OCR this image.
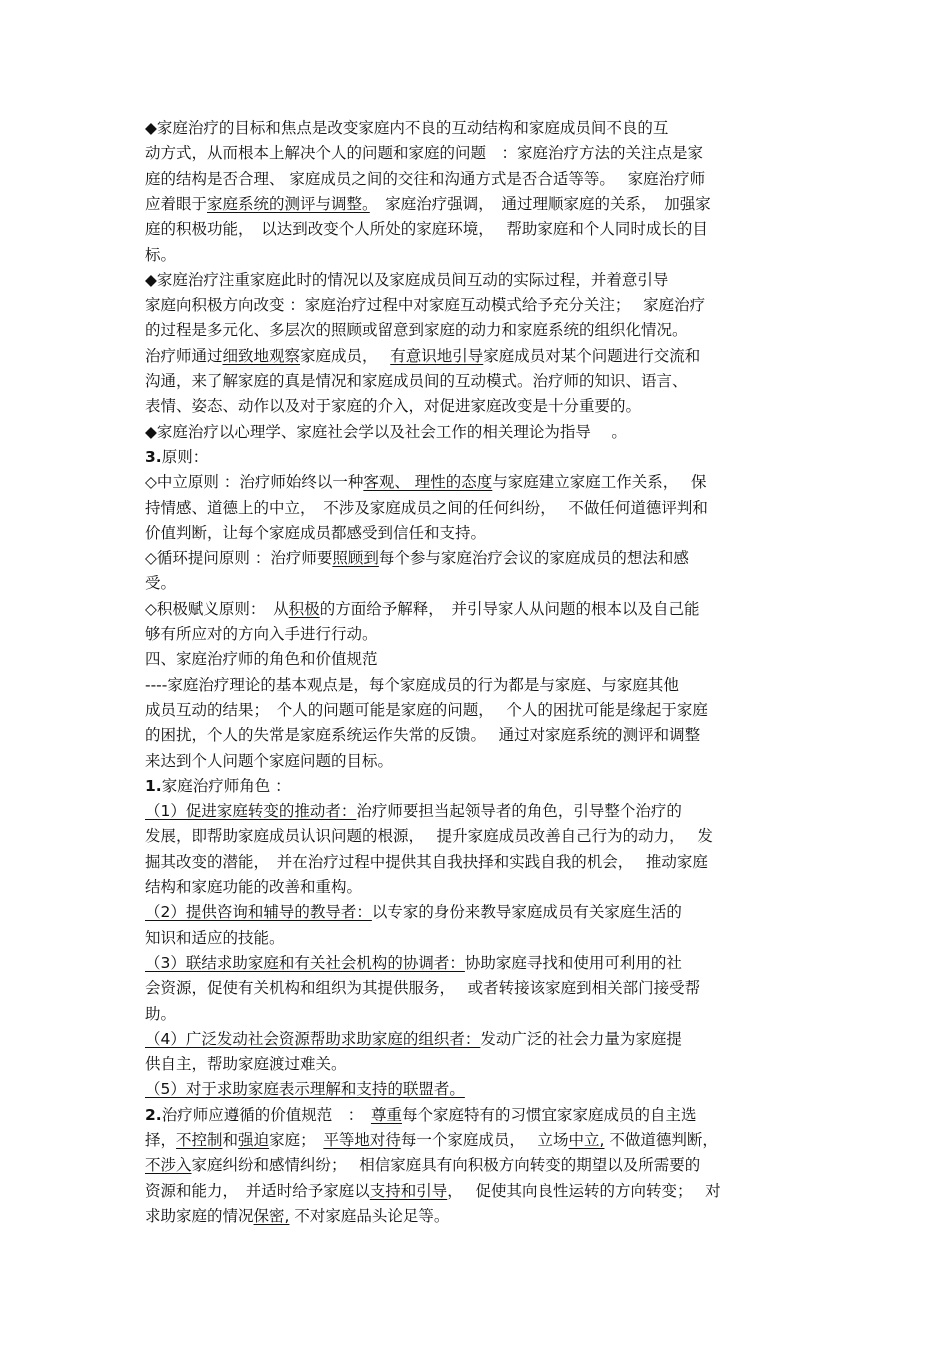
◆家庭治疗的目标和焦点是改变家庭内不良的互动结构和家庭成员间不良的互
动方式，从而根本上解决个人的问题和家庭的问题　：家庭治疗方法的关注点是家
庭的结构是否合理、 家庭成员之间的交往和沟通方式是否合适等等。　 家庭治疗师
应着眼于家庭系统的测评与调整。　家庭治疗强调，　通过理顺家庭的关系，　加强家
庭的积极功能，　以达到改变个人所处的家庭环境，　 帮助家庭和个人同时成长的目
标。
◆家庭治疗注重家庭此时的情况以及家庭成员间互动的实际过程，并着意引导
家庭向积极方向改变 ：家庭治疗过程中对家庭互动模式给予充分关注；　 家庭治疗
的过程是多元化、多层次的照顾或留意到家庭的动力和家庭系统的组织化情况。
治疗师通过细致地观察家庭成员，　 有意识地引导家庭成员对某个问题进行交流和
沟通，来了解家庭的真是情况和家庭成员间的互动模式。治疗师的知识、语言、
表情、姿态、动作以及对于家庭的介入，对促进家庭改变是十分重要的。
◆家庭治疗以心理学、家庭社会学以及社会工作的相关理论为指导　 。
3.原则：
◇中立原则 ：治疗师始终以一种客观、 理性的态度与家庭建立家庭工作关系，　 保
持情感、道德上的中立，　不涉及家庭成员之间的任何纠纷，　 不做任何道德评判和
价值判断，让每个家庭成员都感受到信任和支持。
◇循环提问原则 ：治疗师要照顾到每个参与家庭治疗会议的家庭成员的想法和感
受。
◇积极赋义原则：　从积极的方面给予解释，　并引导家人从问题的根本以及自己能
够有所应对的方向入手进行行动。
四、家庭治疗师的角色和价值规范
----家庭治疗理论的基本观点是，每个家庭成员的行为都是与家庭、与家庭其他
成员互动的结果；　个人的问题可能是家庭的问题，　 个人的困扰可能是缘起于家庭
的困扰，个人的失常是家庭系统运作失常的反馈。　 通过对家庭系统的测评和调整
来达到个人问题个家庭问题的目标。
1.家庭治疗师角色 ：
（1）促进家庭转变的推动者：治疗师要担当起领导者的角色，引导整个治疗的
发展，即帮助家庭成员认识问题的根源，　 提升家庭成员改善自己行为的动力，　 发
掘其改变的潜能，　并在治疗过程中提供其自我抉择和实践自我的机会，　 推动家庭
结构和家庭功能的改善和重构。
（2）提供咨询和辅导的教导者：以专家的身份来教导家庭成员有关家庭生活的
知识和适应的技能。
（3）联结求助家庭和有关社会机构的协调者：协助家庭寻找和使用可利用的社
会资源，促使有关机构和组织为其提供服务，　 或者转接该家庭到相关部门接受帮
助。
（4）广泛发动社会资源帮助求助家庭的组织者：发动广泛的社会力量为家庭提
供自主，帮助家庭渡过难关。
（5）对于求助家庭表示理解和支持的联盟者。
2.治疗师应遵循的价值规范　：　尊重每个家庭特有的习惯宜家家庭成员的自主选
择，不控制和强迫家庭；　平等地对待每一个家庭成员，　 立场中立, 不做道德判断，
不涉入家庭纠纷和感情纠纷；　 相信家庭具有向积极方向转变的期望以及所需要的
资源和能力，　并适时给予家庭以支持和引导，　 促使其向良性运转的方向转变；　 对
求助家庭的情况保密, 不对家庭品头论足等。
